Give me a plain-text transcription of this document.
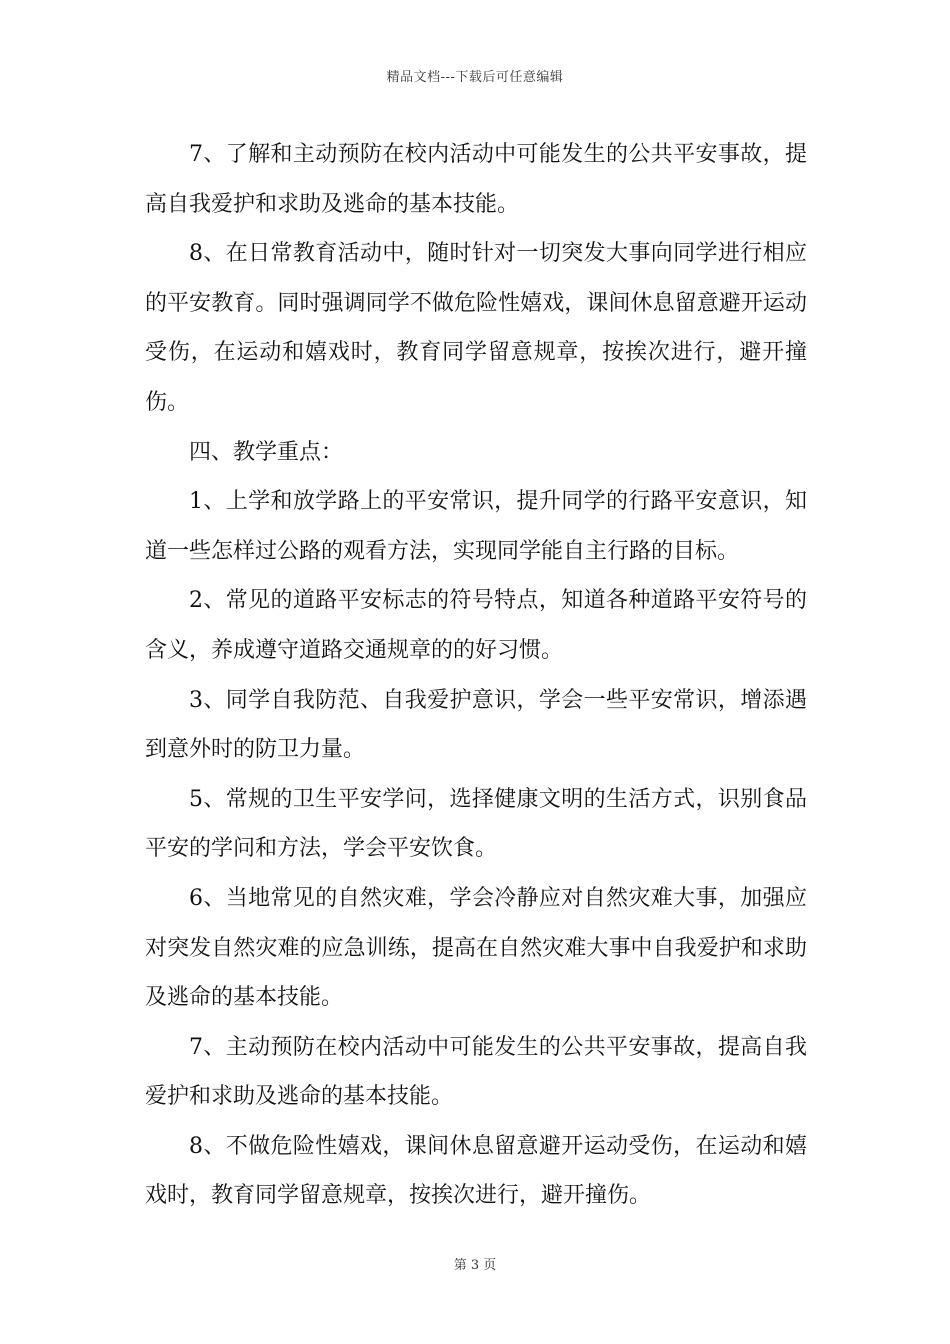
精品文档---下载后可任意编辑

7、了解和主动预防在校内活动中可能发生的公共平安事故，提高自我爱护和求助及逃命的基本技能。

8、在日常教育活动中，随时针对一切突发大事向同学进行相应的平安教育。同时强调同学不做危险性嬉戏，课间休息留意避开运动受伤，在运动和嬉戏时，教育同学留意规章，按挨次进行，避开撞伤。

四、教学重点：

1、上学和放学路上的平安常识，提升同学的行路平安意识，知道一些怎样过公路的观看方法，实现同学能自主行路的目标。

2、常见的道路平安标志的符号特点，知道各种道路平安符号的含义，养成遵守道路交通规章的的好习惯。

3、同学自我防范、自我爱护意识，学会一些平安常识，增添遇到意外时的防卫力量。

5、常规的卫生平安学问，选择健康文明的生活方式，识别食品平安的学问和方法，学会平安饮食。

6、当地常见的自然灾难，学会冷静应对自然灾难大事，加强应对突发自然灾难的应急训练，提高在自然灾难大事中自我爱护和求助及逃命的基本技能。

7、主动预防在校内活动中可能发生的公共平安事故，提高自我爱护和求助及逃命的基本技能。

8、不做危险性嬉戏，课间休息留意避开运动受伤，在运动和嬉戏时，教育同学留意规章，按挨次进行，避开撞伤。

第 3 页
